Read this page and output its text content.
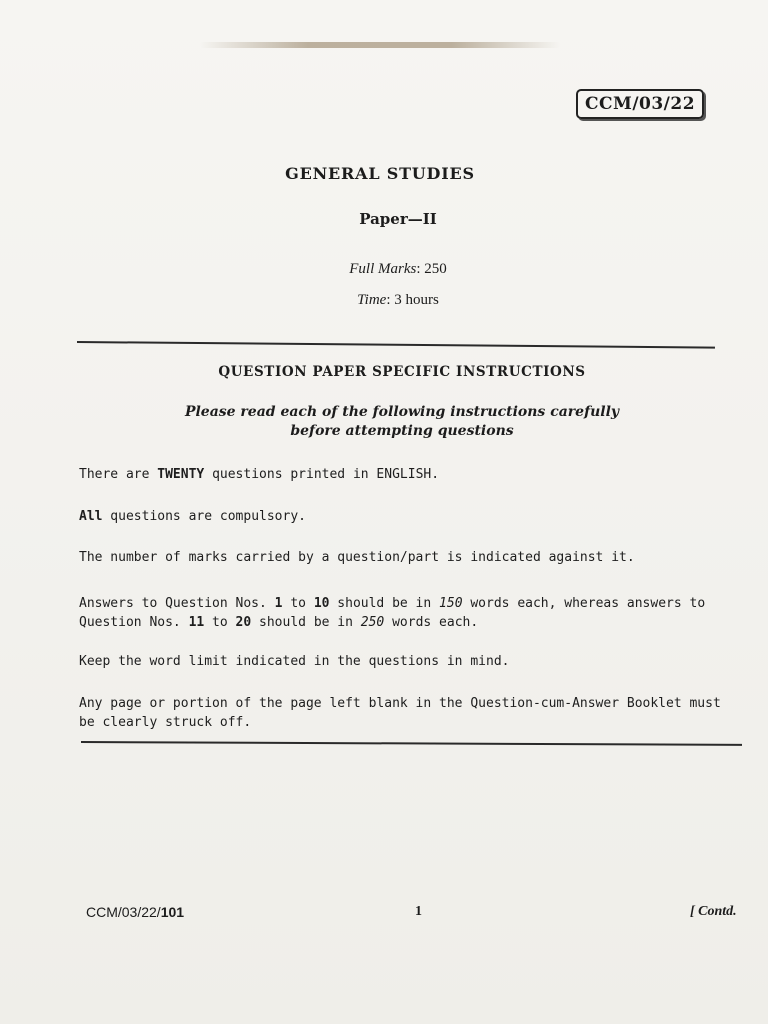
CCM/03/22
GENERAL STUDIES
Paper—II
Full Marks: 250
Time: 3 hours
QUESTION PAPER SPECIFIC INSTRUCTIONS
Please read each of the following instructions carefully
before attempting questions
There are TWENTY questions printed in ENGLISH.
All questions are compulsory.
The number of marks carried by a question/part is indicated against it.
Answers to Question Nos. 1 to 10 should be in 150 words each, whereas answers to Question Nos. 11 to 20 should be in 250 words each.
Keep the word limit indicated in the questions in mind.
Any page or portion of the page left blank in the Question-cum-Answer Booklet must be clearly struck off.
CCM/03/22/101	1	[ Contd.
